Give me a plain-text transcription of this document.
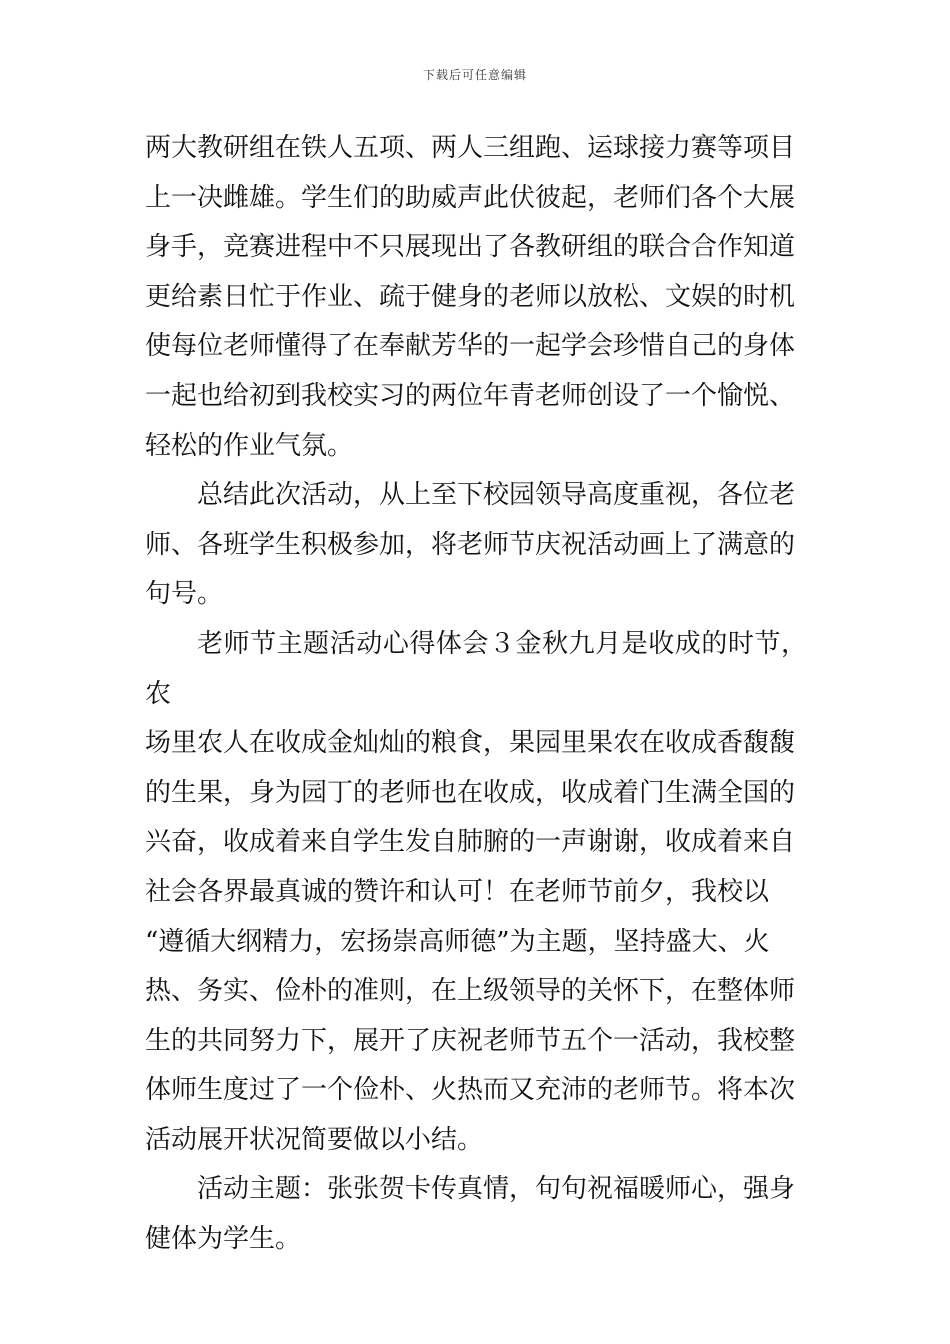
下载后可任意编辑
两大教研组在铁人五项、两人三组跑、运球接力赛等项目
上一决雌雄。学生们的助威声此伏彼起，老师们各个大展
身手，竞赛进程中不只展现出了各教研组的联合合作知道
更给素日忙于作业、疏于健身的老师以放松、文娱的时机
使每位老师懂得了在奉献芳华的一起学会珍惜自己的身体
一起也给初到我校实习的两位年青老师创设了一个愉悦、
轻松的作业气氛。
总结此次活动，从上至下校园领导高度重视，各位老
师、各班学生积极参加，将老师节庆祝活动画上了满意的
句号。
老师节主题活动心得体会３金秋九月是收成的时节，农
场里农人在收成金灿灿的粮食，果园里果农在收成香馥馥
的生果，身为园丁的老师也在收成，收成着门生满全国的
兴奋，收成着来自学生发自肺腑的一声谢谢，收成着来自
社会各界最真诚的赞许和认可！在老师节前夕，我校以
“遵循大纲精力，宏扬崇高师德”为主题，坚持盛大、火
热、务实、俭朴的准则，在上级领导的关怀下，在整体师
生的共同努力下，展开了庆祝老师节五个一活动，我校整
体师生度过了一个俭朴、火热而又充沛的老师节。将本次
活动展开状况简要做以小结。
活动主题：张张贺卡传真情，句句祝福暖师心，强身
健体为学生。
